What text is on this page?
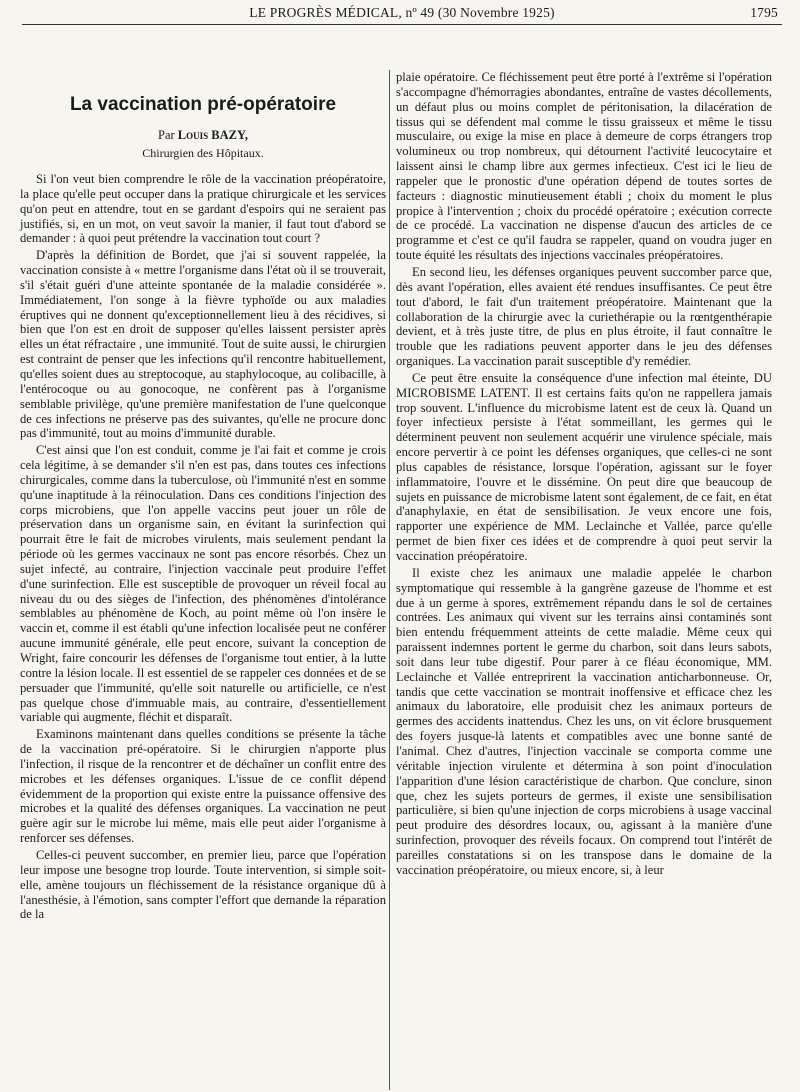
LE PROGRÈS MÉDICAL, nº 49 (30 Novembre 1925)	1795
La vaccination pré-opératoire
Par Louis BAZY,
Chirurgien des Hôpitaux.

Si l'on veut bien comprendre le rôle de la vaccination préopératoire, la place qu'elle peut occuper dans la pratique chirurgicale et les services qu'on peut en attendre, tout en se gardant d'espoirs qui ne seraient pas justifiés, si, en un mot, on veut savoir la manier, il faut tout d'abord se demander : à quoi peut prétendre la vaccination tout court ?

D'après la définition de Bordet, que j'ai si souvent rappelée, la vaccination consiste à « mettre l'organisme dans l'état où il se trouverait, s'il s'était guéri d'une atteinte spontanée de la maladie considérée ». Immédiatement, l'on songe à la fièvre typhoïde ou aux maladies éruptives qui ne donnent qu'exceptionnellement lieu à des récidives, si bien que l'on est en droit de supposer qu'elles laissent persister après elles un état réfractaire , une immunité. Tout de suite aussi, le chirurgien est contraint de penser que les infections qu'il rencontre habituellement, qu'elles soient dues au streptocoque, au staphylocoque, au colibacille, à l'entérocoque ou au gonocoque, ne confèrent pas à l'organisme semblable privilège, qu'une première manifestation de l'une quelconque de ces infections ne préserve pas des suivantes, qu'elle ne procure donc pas d'immunité, tout au moins d'immunité durable.

C'est ainsi que l'on est conduit, comme je l'ai fait et comme je crois cela légitime, à se demander s'il n'en est pas, dans toutes ces infections chirurgicales, comme dans la tuberculose, où l'immunité n'est en somme qu'une inaptitude à la réinoculation. Dans ces conditions l'injection des corps microbiens, que l'on appelle vaccins peut jouer un rôle de préservation dans un organisme sain, en évitant la surinfection qui pourrait être le fait de microbes virulents, mais seulement pendant la période où les germes vaccinaux ne sont pas encore résorbés. Chez un sujet infecté, au contraire, l'injection vaccinale peut produire l'effet d'une surinfection. Elle est susceptible de provoquer un réveil focal au niveau du ou des sièges de l'infection, des phénomènes d'intolérance semblables au phénomène de Koch, au point même où l'on insère le vaccin et, comme il est établi qu'une infection localisée peut ne conférer aucune immunité générale, elle peut encore, suivant la conception de Wright, faire concourir les défenses de l'organisme tout entier, à la lutte contre la lésion locale. Il est essentiel de se rappeler ces données et de se persuader que l'immunité, qu'elle soit naturelle ou artificielle, ce n'est pas quelque chose d'immuable mais, au contraire, d'essentiellement variable qui augmente, fléchit et disparaît.

Examinons maintenant dans quelles conditions se présente la tâche de la vaccination pré-opératoire. Si le chirurgien n'apporte plus l'infection, il risque de la rencontrer et de déchaîner un conflit entre des microbes et les défenses organiques. L'issue de ce conflit dépend évidemment de la proportion qui existe entre la puissance offensive des microbes et la qualité des défenses organiques. La vaccination ne peut guère agir sur le microbe lui même, mais elle peut aider l'organisme à renforcer ses défenses.

Celles-ci peuvent succomber, en premier lieu, parce que l'opération leur impose une besogne trop lourde. Toute intervention, si simple soit-elle, amène toujours un fléchissement de la résistance organique dû à l'anesthésie, à l'émotion, sans compter l'effort que demande la réparation de la

plaie opératoire. Ce fléchissement peut être porté à l'extrême si l'opération s'accompagne d'hémorragies abondantes, entraîne de vastes décollements, un défaut plus ou moins complet de péritonisation, la dilacération de tissus qui se défendent mal comme le tissu graisseux et même le tissu musculaire, ou exige la mise en place à demeure de corps étrangers trop volumineux ou trop nombreux, qui détournent l'activité leucocytaire et laissent ainsi le champ libre aux germes infectieux. C'est ici le lieu de rappeler que le pronostic d'une opération dépend de toutes sortes de facteurs : diagnostic minutieusement établi ; choix du moment le plus propice à l'intervention ; choix du procédé opératoire ; exécution correcte de ce procédé. La vaccination ne dispense d'aucun des articles de ce programme et c'est ce qu'il faudra se rappeler, quand on voudra juger en toute équité les résultats des injections vaccinales préopératoires.

En second lieu, les défenses organiques peuvent succomber parce que, dès avant l'opération, elles avaient été rendues insuffisantes. Ce peut être tout d'abord, le fait d'un traitement préopératoire. Maintenant que la collaboration de la chirurgie avec la curiethérapie ou la rœntgenthérapie devient, et à très juste titre, de plus en plus étroite, il faut connaître le trouble que les radiations peuvent apporter dans le jeu des défenses organiques. La vaccination parait susceptible d'y remédier.

Ce peut être ensuite la conséquence d'une infection mal éteinte, DU MICROBISME LATENT. Il est certains faits qu'on ne rappellera jamais trop souvent. L'influence du microbisme latent est de ceux là. Quand un foyer infectieux persiste à l'état sommeillant, les germes qui le déterminent peuvent non seulement acquérir une virulence spéciale, mais encore pervertir à ce point les défenses organiques, que celles-ci ne sont plus capables de résistance, lorsque l'opération, agissant sur le foyer inflammatoire, l'ouvre et le dissémine. On peut dire que beaucoup de sujets en puissance de microbisme latent sont également, de ce fait, en état d'anaphylaxie, en état de sensibilisation. Je veux encore une fois, rapporter une expérience de MM. Leclainche et Vallée, parce qu'elle permet de bien fixer ces idées et de comprendre à quoi peut servir la vaccination préopératoire.

Il existe chez les animaux une maladie appelée le charbon symptomatique qui ressemble à la gangrène gazeuse de l'homme et est due à un germe à spores, extrêmement répandu dans le sol de certaines contrées. Les animaux qui vivent sur les terrains ainsi contaminés sont bien entendu fréquemment atteints de cette maladie. Même ceux qui paraissent indemnes portent le germe du charbon, soit dans leurs sabots, soit dans leur tube digestif. Pour parer à ce fléau économique, MM. Leclainche et Vallée entreprirent la vaccination anticharbonneuse. Or, tandis que cette vaccination se montrait inoffensive et efficace chez les animaux du laboratoire, elle produisit chez les animaux porteurs de germes des accidents inattendus. Chez les uns, on vit éclore brusquement des foyers jusque-là latents et compatibles avec une bonne santé de l'animal. Chez d'autres, l'injection vaccinale se comporta comme une véritable injection virulente et détermina à son point d'inoculation l'apparition d'une lésion caractéristique de charbon. Que conclure, sinon que, chez les sujets porteurs de germes, il existe une sensibilisation particulière, si bien qu'une injection de corps microbiens à usage vaccinal peut produire des désordres locaux, ou, agissant à la manière d'une surinfection, provoquer des réveils focaux. On comprend tout l'intérêt de pareilles constatations si on les transpose dans le domaine de la vaccination préopératoire, ou mieux encore, si, à leur
